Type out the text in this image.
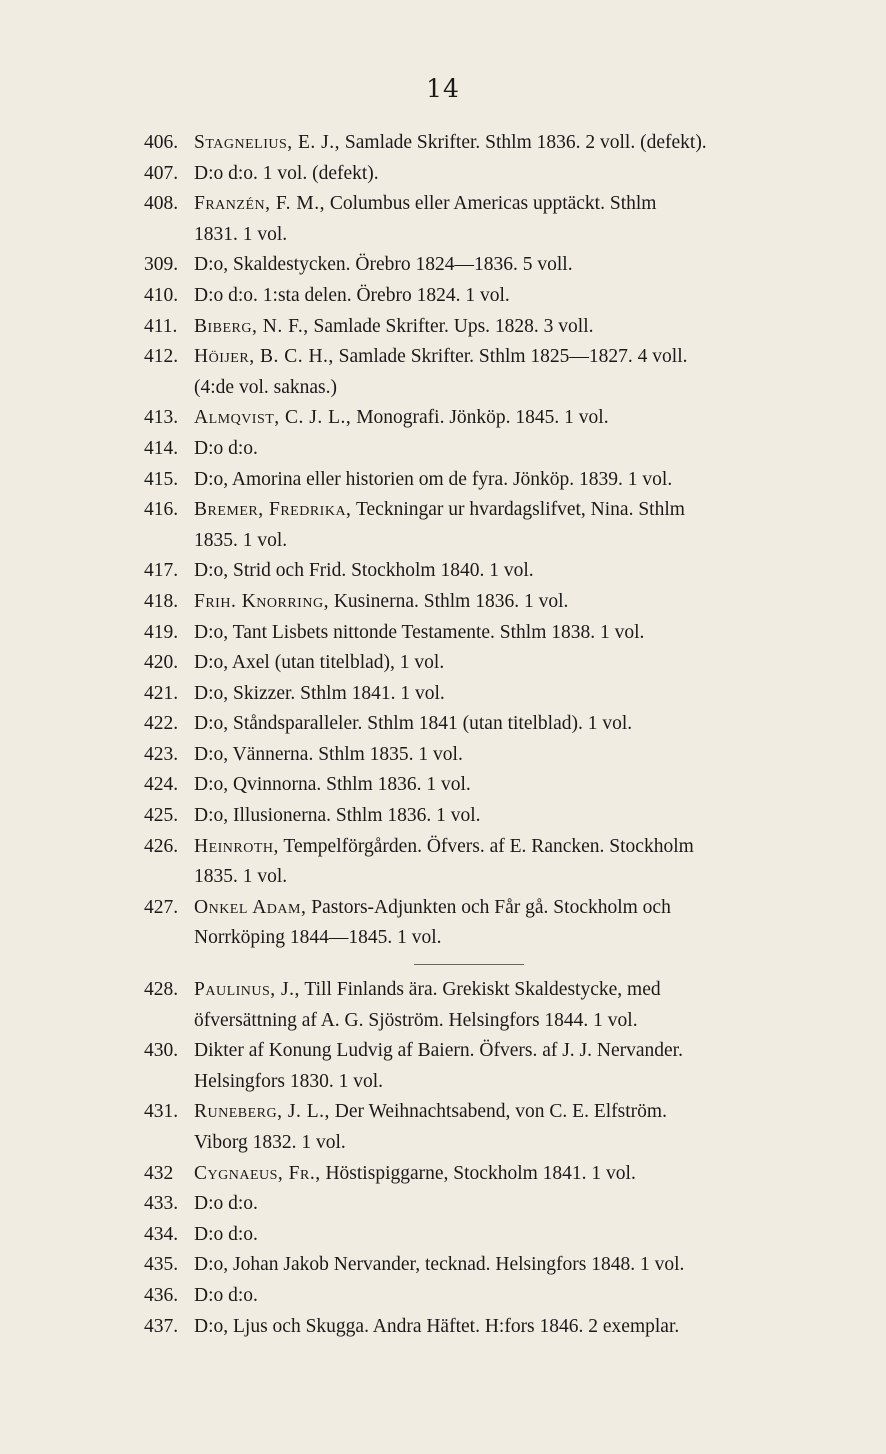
14
406. Stagnelius, E. J., Samlade Skrifter. Sthlm 1836. 2 voll. (defekt).
407. D:o d:o. 1 vol. (defekt).
408. Franzén, F. M., Columbus eller Americas upptäckt. Sthlm
1831. 1 vol.
309. D:o, Skaldestycken. Örebro 1824—1836. 5 voll.
410. D:o d:o. 1:sta delen. Örebro 1824. 1 vol.
411. Biberg, N. F., Samlade Skrifter. Ups. 1828. 3 voll.
412. Höijer, B. C. H., Samlade Skrifter. Sthlm 1825—1827. 4 voll.
(4:de vol. saknas.)
413. Almqvist, C. J. L., Monografi. Jönköp. 1845. 1 vol.
414. D:o d:o.
415. D:o, Amorina eller historien om de fyra. Jönköp. 1839. 1 vol.
416. Bremer, Fredrika, Teckningar ur hvardagslifvet, Nina. Sthlm
1835. 1 vol.
417. D:o, Strid och Frid. Stockholm 1840. 1 vol.
418. Frih. Knorring, Kusinerna. Sthlm 1836. 1 vol.
419. D:o, Tant Lisbets nittonde Testamente. Sthlm 1838. 1 vol.
420. D:o, Axel (utan titelblad), 1 vol.
421. D:o, Skizzer. Sthlm 1841. 1 vol.
422. D:o, Ståndsparalleler. Sthlm 1841 (utan titelblad). 1 vol.
423. D:o, Vännerna. Sthlm 1835. 1 vol.
424. D:o, Qvinnorna. Sthlm 1836. 1 vol.
425. D:o, Illusionerna. Sthlm 1836. 1 vol.
426. Heinroth, Tempelförgården. Öfvers. af E. Rancken. Stockholm
1835. 1 vol.
427. Onkel Adam, Pastors-Adjunkten och Får gå. Stockholm och
Norrköping 1844—1845. 1 vol.
428. Paulinus, J., Till Finlands ära. Grekiskt Skaldestycke, med
öfversättning af A. G. Sjöström. Helsingfors 1844. 1 vol.
430. Dikter af Konung Ludvig af Baiern. Öfvers. af J. J. Nervander.
Helsingfors 1830. 1 vol.
431. Runeberg, J. L., Der Weihnachtsabend, von C. E. Elfström.
Viborg 1832. 1 vol.
432	Cygnaeus, Fr., Höstispiggarne, Stockholm 1841. 1 vol.
433. D:o d:o.
434. D:o d:o.
435. D:o, Johan Jakob Nervander, tecknad. Helsingfors 1848. 1 vol.
436. D:o d:o.
437. D:o, Ljus och Skugga. Andra Häftet. H:fors 1846. 2 exemplar.
